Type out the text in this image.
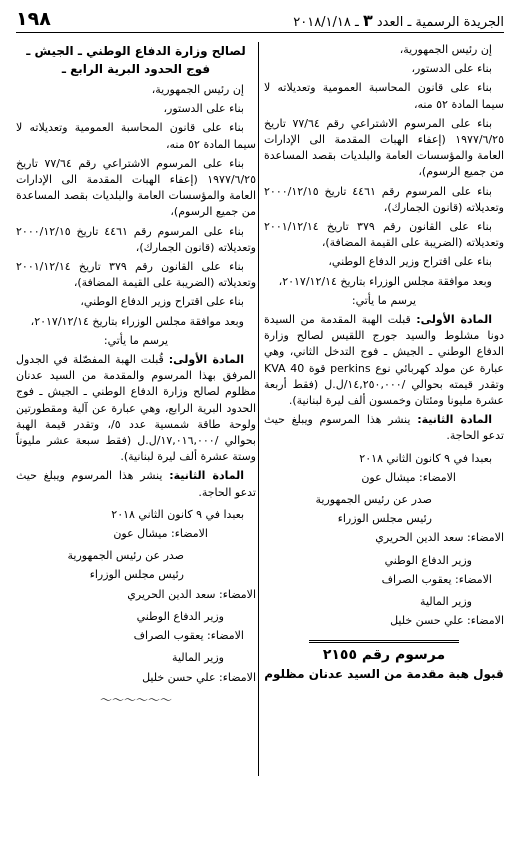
الجريدة الرسمية ـ العدد ٣ ـ ٢٠١٨/١/١٨
١٩٨

إن رئيس الجمهورية،

بناء على الدستور،

بناء على قانون المحاسبة العمومية وتعديلاته لا سيما المادة ٥٢ منه،

بناء على المرسوم الاشتراعي رقم ٧٧/٦٤ تاريخ ١٩٧٧/٦/٢٥ (إعفاء الهبات المقدمة الى الإدارات العامة والمؤسسات العامة والبلديات بقصد المساعدة من جميع الرسوم)،

بناء على المرسوم رقم ٤٤٦١ تاريخ ٢٠٠٠/١٢/١٥ وتعديلاته (قانون الجمارك)،

بناء على القانون رقم ٣٧٩ تاريخ ٢٠٠١/١٢/١٤ وتعديلاته (الضريبة على القيمة المضافة)،

بناء على اقتراح وزير الدفاع الوطني،

وبعد موافقة مجلس الوزراء بتاريخ ٢٠١٧/١٢/١٤،

يرسم ما يأتي:

المادة الأولى: قبلت الهبة المقدمة من السيدة دونا مشلوط والسيد جورج اللقيس لصالح وزارة الدفاع الوطني ـ الجيش ـ فوج التدخل الثاني، وهي عبارة عن مولد كهربائي نوع perkins قوة 40 KVA وتقدر قيمته بحوالي /١٤,٢٥٠,٠٠٠/ل.ل (فقط أربعة عشرة مليونا ومئتان وخمسون ألف ليرة لبنانية).

المادة الثانية: ينشر هذا المرسوم ويبلغ حيث تدعو الحاجة.

بعبدا في ٩ كانون الثاني ٢٠١٨

الامضاء: ميشال عون

صدر عن رئيس الجمهورية

رئيس مجلس الوزراء

الامضاء: سعد الدين الحريري

وزير الدفاع الوطني

الامضاء: يعقوب الصراف

وزير المالية

الامضاء: علي حسن خليل

مرسوم رقم ٢١٥٥

قبول هبة مقدمة من السيد عدنان مظلوم

لصالح وزارة الدفاع الوطني ـ الجيش ـ
فوج الحدود البرية الرابع ـ

إن رئيس الجمهورية،

بناء على الدستور،

بناء على قانون المحاسبة العمومية وتعديلاته لا سيما المادة ٥٢ منه،

بناء على المرسوم الاشتراعي رقم ٧٧/٦٤ تاريخ ١٩٧٧/٦/٢٥ (إعفاء الهبات المقدمة الى الإدارات العامة والمؤسسات العامة والبلديات بقصد المساعدة من جميع الرسوم)،

بناء على المرسوم رقم ٤٤٦١ تاريخ ٢٠٠٠/١٢/١٥ وتعديلاته (قانون الجمارك)،

بناء على القانون رقم ٣٧٩ تاريخ ٢٠٠١/١٢/١٤ وتعديلاته (الضريبة على القيمة المضافة)،

بناء على اقتراح وزير الدفاع الوطني،

وبعد موافقة مجلس الوزراء بتاريخ ٢٠١٧/١٢/١٤،

يرسم ما يأتي:

المادة الأولى: قُبلت الهبة المفصّلة في الجدول المرفق بهذا المرسوم والمقدمة من السيد عدنان مظلوم لصالح وزارة الدفاع الوطني ـ الجيش ـ فوج الحدود البرية الرابع، وهي عبارة عن آلية ومقطورتين ولوحة طاقة شمسية عدد ٥/، وتقدر قيمة الهبة بحوالي /١٧,٠١٦,٠٠٠/ل.ل (فقط سبعة عشر مليوناً وستة عشرة ألف ليرة لبنانية).

المادة الثانية: ينشر هذا المرسوم ويبلغ حيث تدعو الحاجة.

بعبدا في ٩ كانون الثاني ٢٠١٨

الامضاء: ميشال عون

صدر عن رئيس الجمهورية

رئيس مجلس الوزراء

الامضاء: سعد الدين الحريري

وزير الدفاع الوطني

الامضاء: يعقوب الصراف

وزير المالية

الامضاء: علي حسن خليل

～～～～～～
